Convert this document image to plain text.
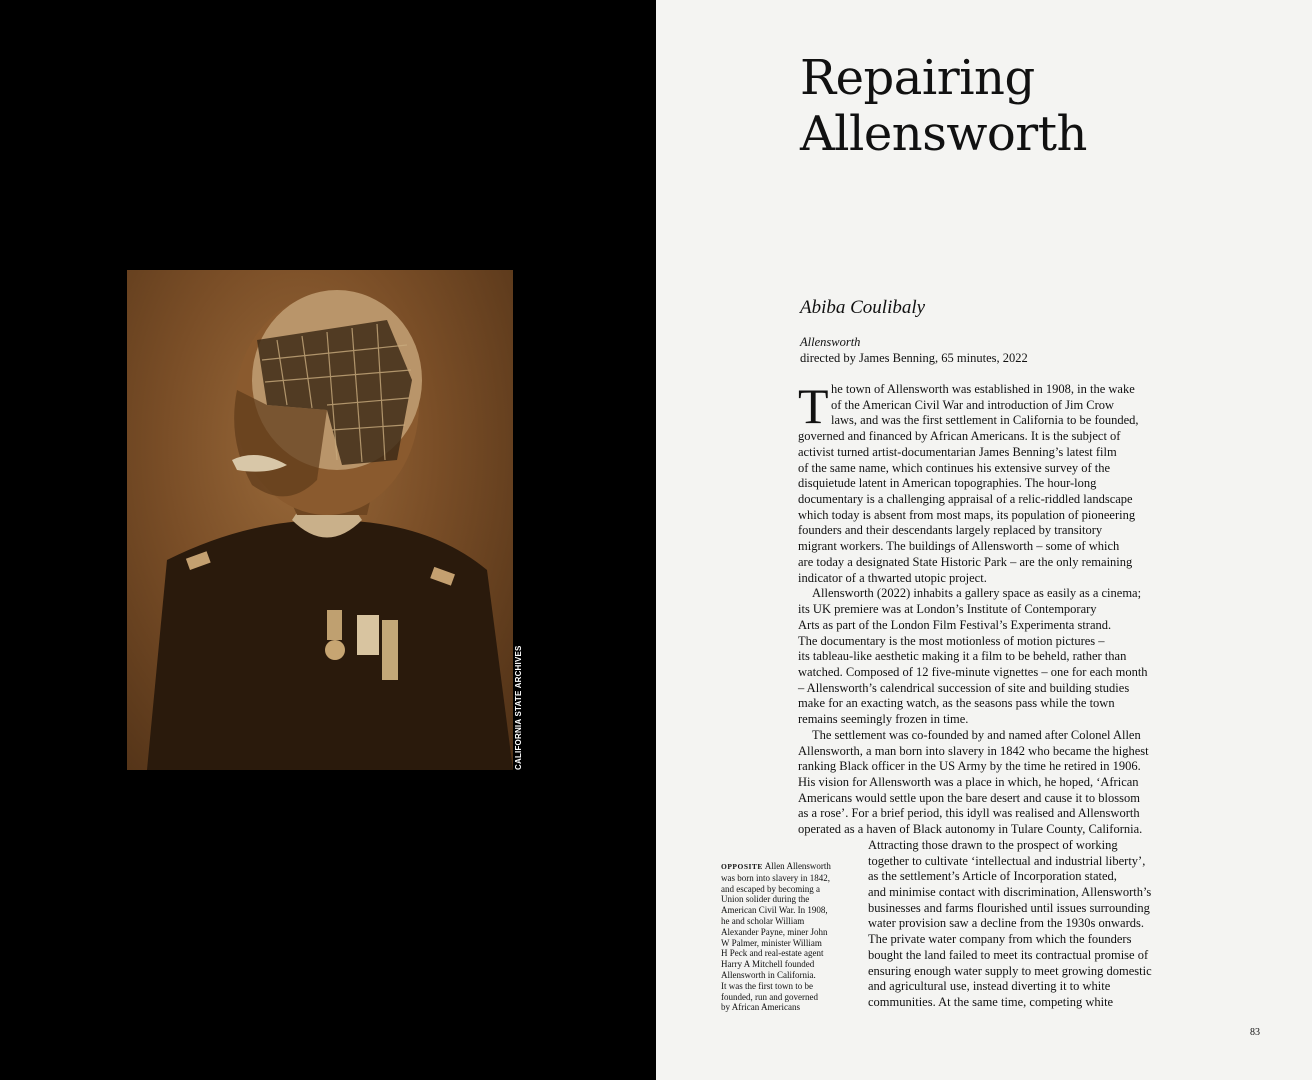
CALIFORNIA STATE ARCHIVES
Repairing
Allensworth
Abiba Coulibaly
Allensworth
directed by James Benning, 65 minutes, 2022
T he town of Allensworth was established in 1908, in the wake
of the American Civil War and introduction of Jim Crow
laws, and was the first settlement in California to be founded,
governed and financed by African Americans. It is the subject of
activist turned artist-documentarian James Benning’s latest film
of the same name, which continues his extensive survey of the
disquietude latent in American topographies. The hour-long
documentary is a challenging appraisal of a relic-riddled landscape
which today is absent from most maps, its population of pioneering
founders and their descendants largely replaced by transitory
migrant workers. The buildings of Allensworth – some of which
are today a designated State Historic Park – are the only remaining
indicator of a thwarted utopic project.
Allensworth (2022) inhabits a gallery space as easily as a cinema;
its UK premiere was at London’s Institute of Contemporary
Arts as part of the London Film Festival’s Experimenta strand.
The documentary is the most motionless of motion pictures –
its tableau-like aesthetic making it a film to be beheld, rather than
watched. Composed of 12 five-minute vignettes – one for each month
– Allensworth’s calendrical succession of site and building studies
make for an exacting watch, as the seasons pass while the town
remains seemingly frozen in time.
The settlement was co-founded by and named after Colonel Allen
Allensworth, a man born into slavery in 1842 who became the highest
ranking Black officer in the US Army by the time he retired in 1906.
His vision for Allensworth was a place in which, he hoped, ‘African
Americans would settle upon the bare desert and cause it to blossom
as a rose’. For a brief period, this idyll was realised and Allensworth
operated as a haven of Black autonomy in Tulare County, California.
Attracting those drawn to the prospect of working
together to cultivate ‘intellectual and industrial liberty’,
as the settlement’s Article of Incorporation stated,
and minimise contact with discrimination, Allensworth’s
businesses and farms flourished until issues surrounding
water provision saw a decline from the 1930s onwards.
The private water company from which the founders
bought the land failed to meet its contractual promise of
ensuring enough water supply to meet growing domestic
and agricultural use, instead diverting it to white
communities. At the same time, competing white
83
OPPOSITE Allen Allensworth
was born into slavery in 1842,
and escaped by becoming a
Union solider during the
American Civil War. In 1908,
he and scholar William
Alexander Payne, miner John
W Palmer, minister William
H Peck and real-estate agent
Harry A Mitchell founded
Allensworth in California.
It was the first town to be
founded, run and governed
by African Americans
